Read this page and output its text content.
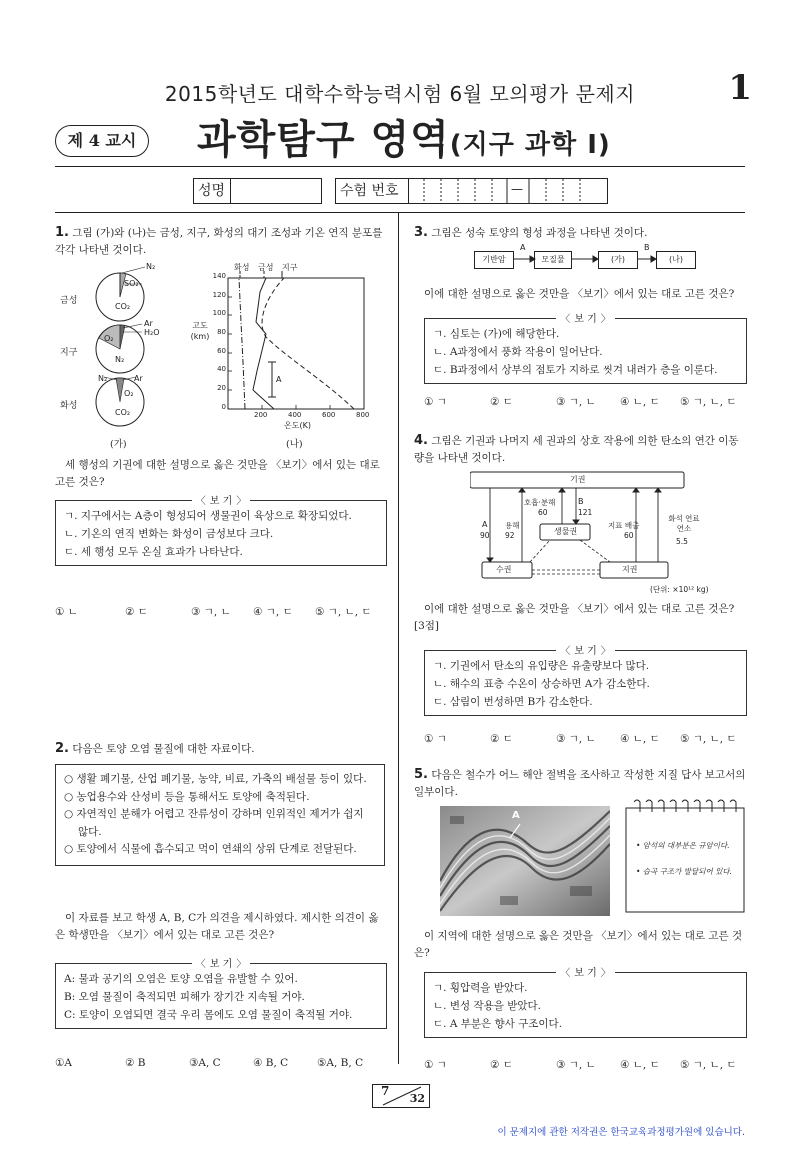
2015학년도 대학수학능력시험 6월 모의평가 문제지	1
제 4 교시	과학탐구 영역(지구 과학 Ⅰ)
성명	수험 번호	—
1. 그림 (가)와 (나)는 금성, 지구, 화성의 대기 조성과 기온 연직 분포를 각각 나타낸 것이다.
N₂
SO₂
CO₂
Ar
H₂O
O₂
N₂
N₂	Ar
O₂
CO₂
금성
지구
화성
(가)
화성 금성 지구
고도 (km)
0
20
40
60
80
100
120
140
200	400	600	800
온도(K)
A
(나)
세 행성의 기권에 대한 설명으로 옳은 것만을 〈보기〉에서 있는 대로 고른 것은?
〈 보 기 〉
ㄱ. 지구에서는 A층이 형성되어 생물권이 육상으로 확장되었다.
ㄴ. 기온의 연직 변화는 화성이 금성보다 크다.
ㄷ. 세 행성 모두 온실 효과가 나타난다.
① ㄴ	② ㄷ	③ ㄱ, ㄴ ④ ㄱ, ㄷ ⑤ ㄱ, ㄴ, ㄷ
2. 다음은 토양 오염 물질에 대한 자료이다.
○ 생활 폐기물, 산업 폐기물, 농약, 비료, 가축의 배설물 등이 있다.
○ 농업용수와 산성비 등을 통해서도 토양에 축적된다.
○ 자연적인 분해가 어렵고 잔류성이 강하며 인위적인 제거가 쉽지 않다.
○ 토양에서 식물에 흡수되고 먹이 연쇄의 상위 단계로 전달된다.
이 자료를 보고 학생 A, B, C가 의견을 제시하였다. 제시한 의견이 옳은 학생만을 〈보기〉에서 있는 대로 고른 것은?
〈 보 기 〉
A: 물과 공기의 오염은 토양 오염을 유발할 수 있어.
B: 오염 물질이 축적되면 피해가 장기간 지속될 거야.
C: 토양이 오염되면 결국 우리 몸에도 오염 물질이 축적될 거야.
①A	② B	③A, C	④ B, C	⑤A, B, C
3. 그림은 성숙 토양의 형성 과정을 나타낸 것이다.
기반암	모질물	(가)	(나)
A	B
이에 대한 설명으로 옳은 것만을 〈보기〉에서 있는 대로 고른 것은?
〈 보 기 〉
ㄱ. 심토는 (가)에 해당한다.
ㄴ. A과정에서 풍화 작용이 일어난다.
ㄷ. B과정에서 상부의 점토가 지하로 씻겨 내려가 층을 이룬다.
① ㄱ	② ㄷ	③ ㄱ, ㄴ ④ ㄴ, ㄷ ⑤ ㄱ, ㄴ, ㄷ
4. 그림은 기권과 나머지 세 권과의 상호 작용에 의한 탄소의 연간 이동량을 나타낸 것이다.
기권
생물권
수권	지권
호흡·분해
60
B
121
A
90
용해
92
지표 배출
60
화석 연료 연소
5.5
(단위: ×10¹² kg)
이에 대한 설명으로 옳은 것만을 〈보기〉에서 있는 대로 고른 것은? [3점]
〈 보 기 〉
ㄱ. 기권에서 탄소의 유입량은 유출량보다 많다.
ㄴ. 해수의 표층 수온이 상승하면 A가 감소한다.
ㄷ. 삼림이 번성하면 B가 감소한다.
① ㄱ	② ㄷ	③ ㄱ, ㄴ ④ ㄴ, ㄷ ⑤ ㄱ, ㄴ, ㄷ
5. 다음은 철수가 어느 해안 절벽을 조사하고 작성한 지질 답사 보고서의 일부이다.
A
• 암석의 대부분은 규암이다.
• 습곡 구조가 발달되어 있다.
이 지역에 대한 설명으로 옳은 것만을 〈보기〉에서 있는 대로 고른 것은?
〈 보 기 〉
ㄱ. 횡압력을 받았다.
ㄴ. 변성 작용을 받았다.
ㄷ. A 부분은 향사 구조이다.
① ㄱ	② ㄷ	③ ㄱ, ㄴ ④ ㄴ, ㄷ ⑤ ㄱ, ㄴ, ㄷ
7
32
이 문제지에 관한 저작권은 한국교육과정평가원에 있습니다.
